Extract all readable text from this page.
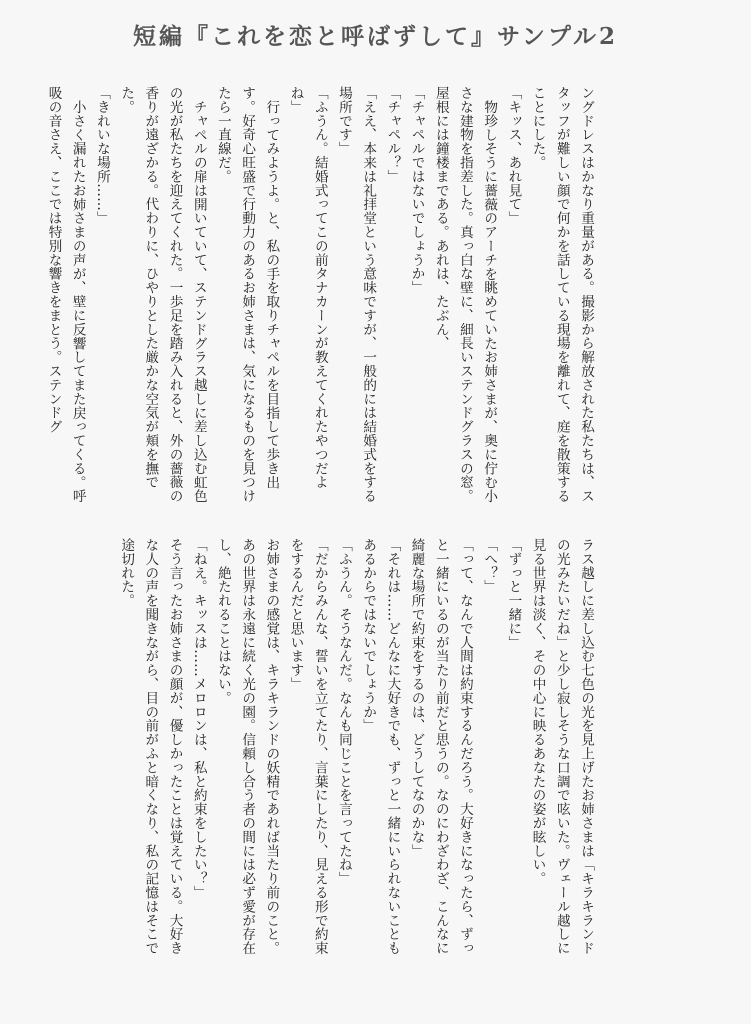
短編『これを恋と呼ばずして』サンプル2

ングドレスはかなり重量がある。撮影から解放された私たちは、スタッフが難しい顔で何かを話している現場を離れて、庭を散策することにした。

「キッス、あれ見て」

物珍しそうに薔薇のアーチを眺めていたお姉さまが、奥に佇む小さな建物を指差した。真っ白な壁に、細長いステンドグラスの窓。屋根には鐘楼まである。あれは、たぶん、

「チャペルではないでしょうか」

「チャペル？」

「ええ、本来は礼拝堂という意味ですが、一般的には結婚式をする場所です」

「ふうん。結婚式ってこの前タナカーンが教えてくれたやつだよね」

行ってみようよ。と、私の手を取りチャペルを目指して歩き出す。好奇心旺盛で行動力のあるお姉さまは、気になるものを見つけたら一直線だ。

チャペルの扉は開いていて、ステンドグラス越しに差し込む虹色の光が私たちを迎えてくれた。一歩足を踏み入れると、外の薔薇の香りが遠ざかる。代わりに、ひやりとした厳かな空気が頬を撫でた。

「きれいな場所……」

小さく漏れたお姉さまの声が、壁に反響してまた戻ってくる。呼吸の音さえ、ここでは特別な響きをまとう。ステンドグ

ラス越しに差し込む七色の光を見上げたお姉さまは「キラキランドの光みたいだね」と少し寂しそうな口調で呟いた。ヴェール越しに見る世界は淡く、その中心に映るあなたの姿が眩しい。

「ずっと一緒に」

「へ？」

「って、なんで人間は約束するんだろう。大好きになったら、ずっと一緒にいるのが当たり前だと思うの。なのにわざわざ、こんなに綺麗な場所で約束をするのは、どうしてなのかな」

「それは……どんなに大好きでも、ずっと一緒にいられないこともあるからではないでしょうか」

「ふうん。そうなんだ。なんも同じことを言ってたね」

「だからみんな、誓いを立てたり、言葉にしたり、見える形で約束をするんだと思います」

お姉さまの感覚は、キラキランドの妖精であれば当たり前のこと。あの世界は永遠に続く光の園。信頼し合う者の間には必ず愛が存在し、絶たれることはない。

「ねえ。キッスは……メロロンは、私と約束をしたい？」

そう言ったお姉さまの顔が、優しかったことは覚えている。大好きな人の声を聞きながら、目の前がふと暗くなり、私の記憶はそこで途切れた。
